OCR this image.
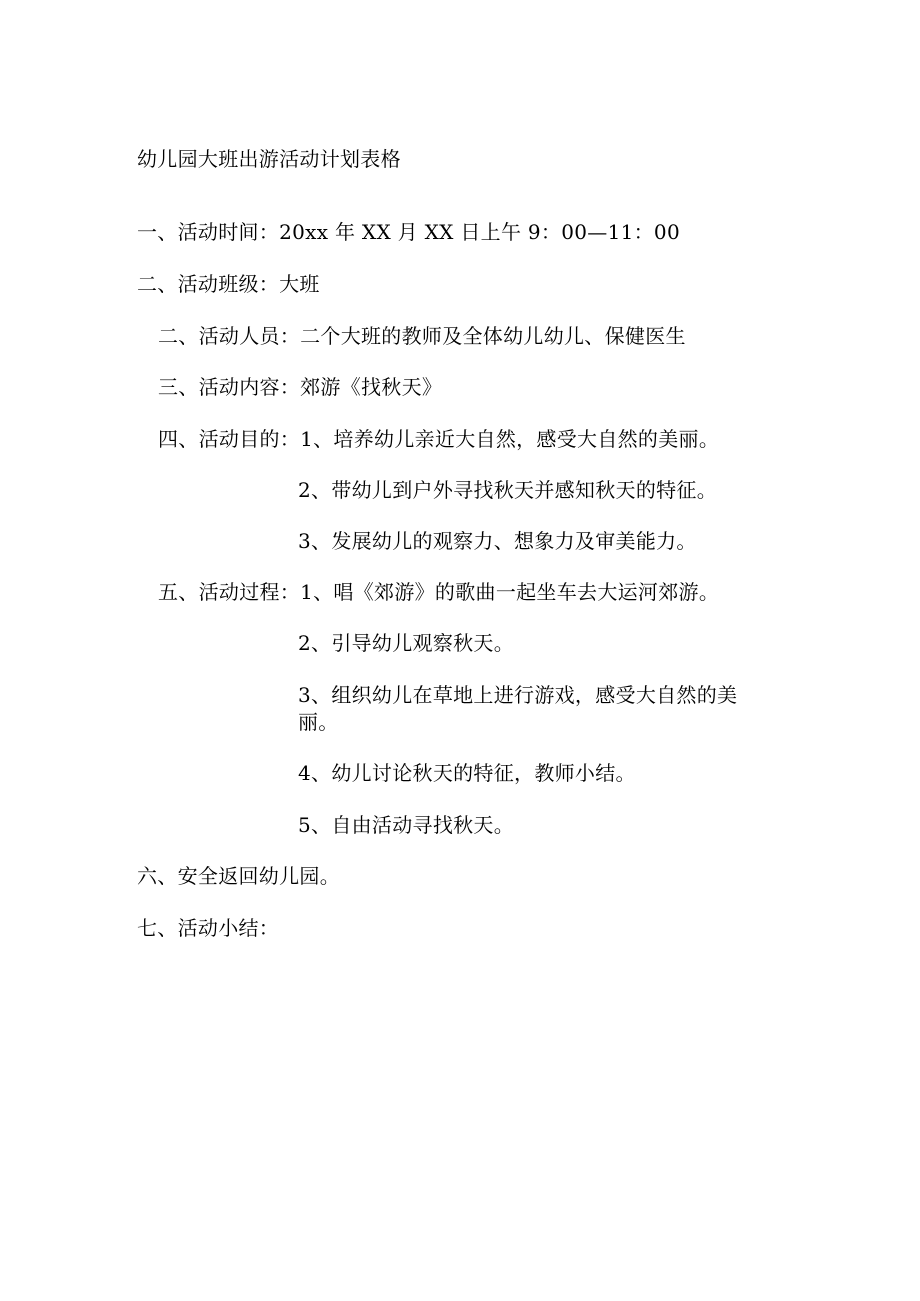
幼儿园大班出游活动计划表格
一、活动时间：20xx 年 XX 月 XX 日上午 9：00—11：00
二、活动班级：大班
二、活动人员：二个大班的教师及全体幼儿幼儿、保健医生
三、活动内容：郊游《找秋天》
四、活动目的：1、培养幼儿亲近大自然，感受大自然的美丽。
2、带幼儿到户外寻找秋天并感知秋天的特征。
3、发展幼儿的观察力、想象力及审美能力。
五、活动过程：1、唱《郊游》的歌曲一起坐车去大运河郊游。
2、引导幼儿观察秋天。
3、组织幼儿在草地上进行游戏，感受大自然的美
丽。
4、幼儿讨论秋天的特征，教师小结。
5、自由活动寻找秋天。
六、安全返回幼儿园。
七、活动小结：
